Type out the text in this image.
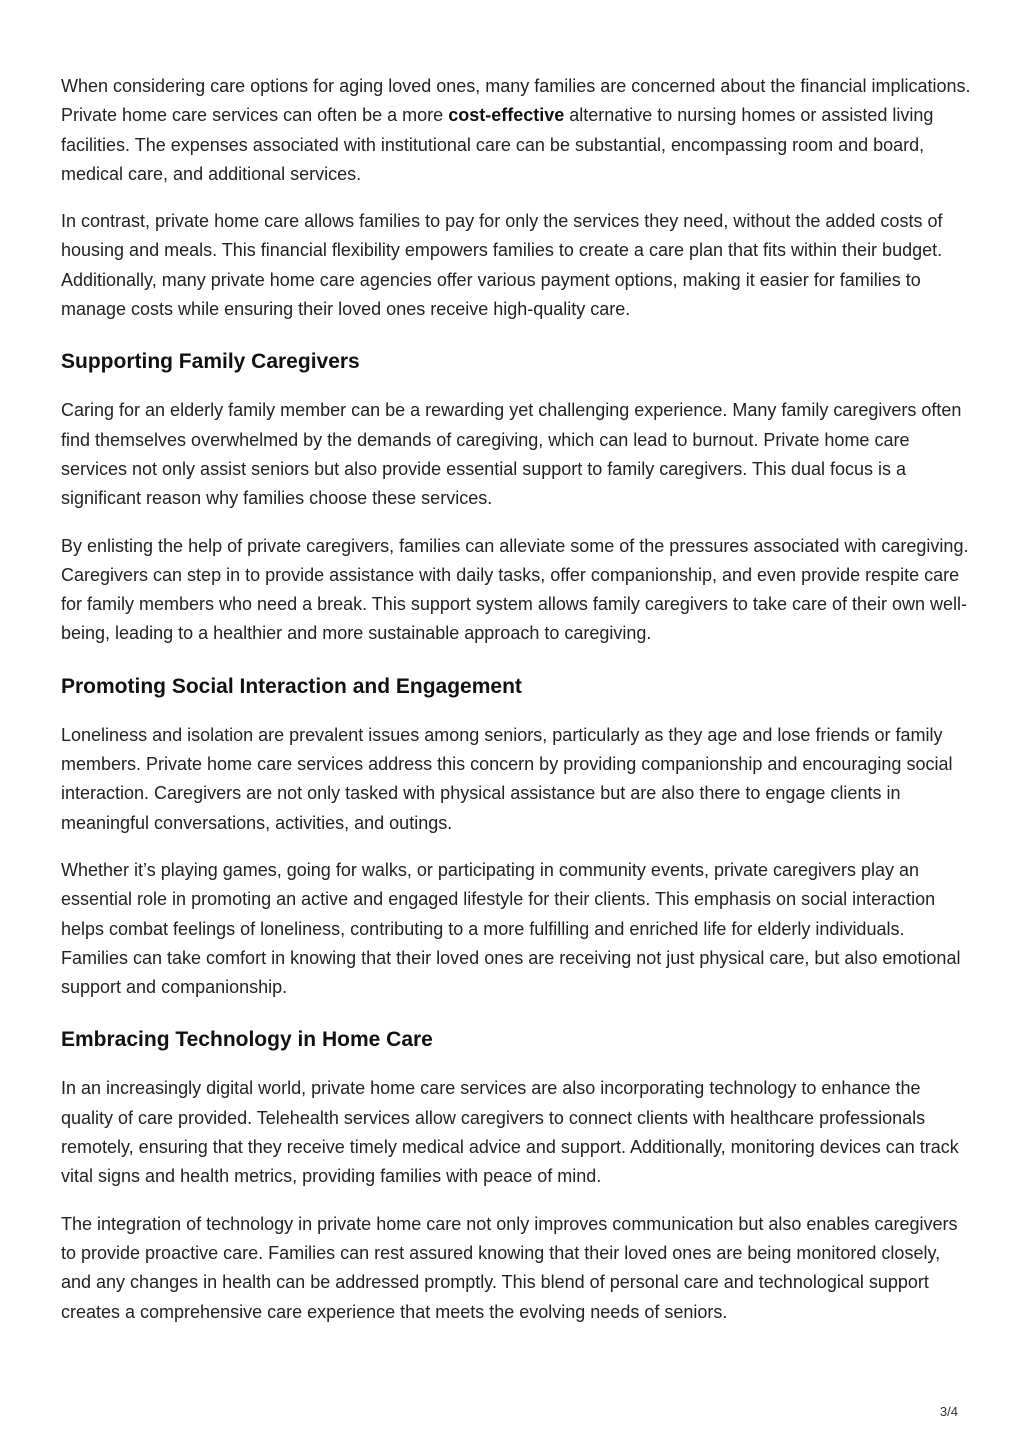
When considering care options for aging loved ones, many families are concerned about the financial implications. Private home care services can often be a more cost-effective alternative to nursing homes or assisted living facilities. The expenses associated with institutional care can be substantial, encompassing room and board, medical care, and additional services.

In contrast, private home care allows families to pay for only the services they need, without the added costs of housing and meals. This financial flexibility empowers families to create a care plan that fits within their budget. Additionally, many private home care agencies offer various payment options, making it easier for families to manage costs while ensuring their loved ones receive high-quality care.

Supporting Family Caregivers

Caring for an elderly family member can be a rewarding yet challenging experience. Many family caregivers often find themselves overwhelmed by the demands of caregiving, which can lead to burnout. Private home care services not only assist seniors but also provide essential support to family caregivers. This dual focus is a significant reason why families choose these services.

By enlisting the help of private caregivers, families can alleviate some of the pressures associated with caregiving. Caregivers can step in to provide assistance with daily tasks, offer companionship, and even provide respite care for family members who need a break. This support system allows family caregivers to take care of their own well-being, leading to a healthier and more sustainable approach to caregiving.

Promoting Social Interaction and Engagement

Loneliness and isolation are prevalent issues among seniors, particularly as they age and lose friends or family members. Private home care services address this concern by providing companionship and encouraging social interaction. Caregivers are not only tasked with physical assistance but are also there to engage clients in meaningful conversations, activities, and outings.

Whether it’s playing games, going for walks, or participating in community events, private caregivers play an essential role in promoting an active and engaged lifestyle for their clients. This emphasis on social interaction helps combat feelings of loneliness, contributing to a more fulfilling and enriched life for elderly individuals. Families can take comfort in knowing that their loved ones are receiving not just physical care, but also emotional support and companionship.

Embracing Technology in Home Care

In an increasingly digital world, private home care services are also incorporating technology to enhance the quality of care provided. Telehealth services allow caregivers to connect clients with healthcare professionals remotely, ensuring that they receive timely medical advice and support. Additionally, monitoring devices can track vital signs and health metrics, providing families with peace of mind.

The integration of technology in private home care not only improves communication but also enables caregivers to provide proactive care. Families can rest assured knowing that their loved ones are being monitored closely, and any changes in health can be addressed promptly. This blend of personal care and technological support creates a comprehensive care experience that meets the evolving needs of seniors.

3/4
